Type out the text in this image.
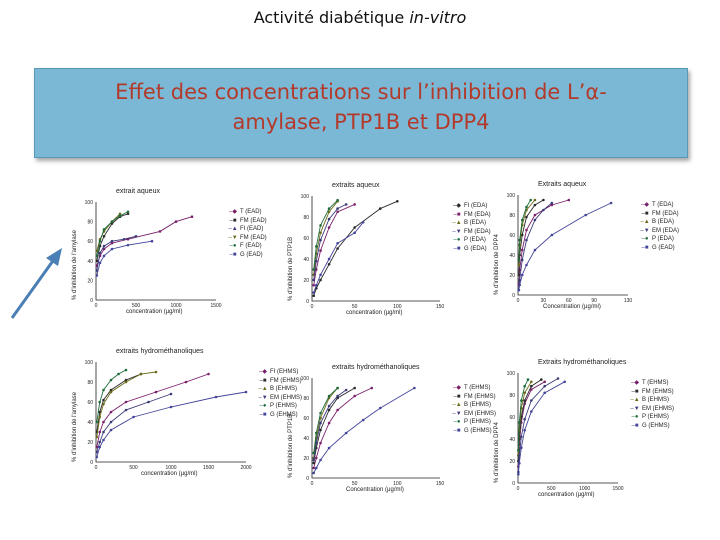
Activité diabétique in-vitro
Effet des concentrations sur l’inhibition de L’α-
amylase, PTP1B et DPP4
extrait aqueux
0
20
40
60
80
100
0	500	1000	1500
concentration (µg/ml)
% d'inhibition de l'amylase
–◆ T (EAD)
–■ FM (EAD)
–▲ FI (EAD)
–▼ FM (EAD)
–● F (EAD)
–■ G (EAD)
extraits aqueux
0
20
40
60
80
100
0	50	100	150
concentration (µg/ml)
% d'inhibition de PTP1B
–◆ FI (EDA)
–■ FM (EDA)
–▲ B (EDA)
–▼ FM (EDA)
–● P (EDA)
–■ G (EDA)
Extraits aqueux
0
20
40
60
80
100
0	30	60	90	130
Concentration (µg/ml)
% d'inhibition de DPP4
–◆ T (EDA)
–■ FM (EDA)
–▲ B (EDA)
–▼ EM (EDA)
–● P (EDA)
–■ G (EAD)
extraits hydrométhanoliques
0
20
40
60
80
100
0	500	1000	1500	2000
concentration (µg/ml)
% d'inhibition de l'amylase
–◆ FI (EHMS)
–■ FM (EHMS)
–▲ B (EHMS)
–▼ EM (EHMS)
–● P (EHMS)
–■ G (EHMS)
extraits hydrométhanoliques
0
20
40
60
80
100
0	50	100	150
Concentration (µg/ml)
% d'inhibition de PTP1B
–◆ T (EHMS)
–■ FM (EHMS)
–▲ B (EHMS)
–▼ EM (EHMS)
–● P (EHMS)
–■ G (EHMS)
Extraits hydrométhanoliques
0
20
40
60
80
100
0	500	1000	1500
concentration (µg/ml)
% d'inhibition de DPP4
–◆ T (EHMS)
–■ FM (EHMS)
–▲ B (EHMS)
–▼ EM (EHMS)
–● P (EHMS)
–■ G (EHMS)
